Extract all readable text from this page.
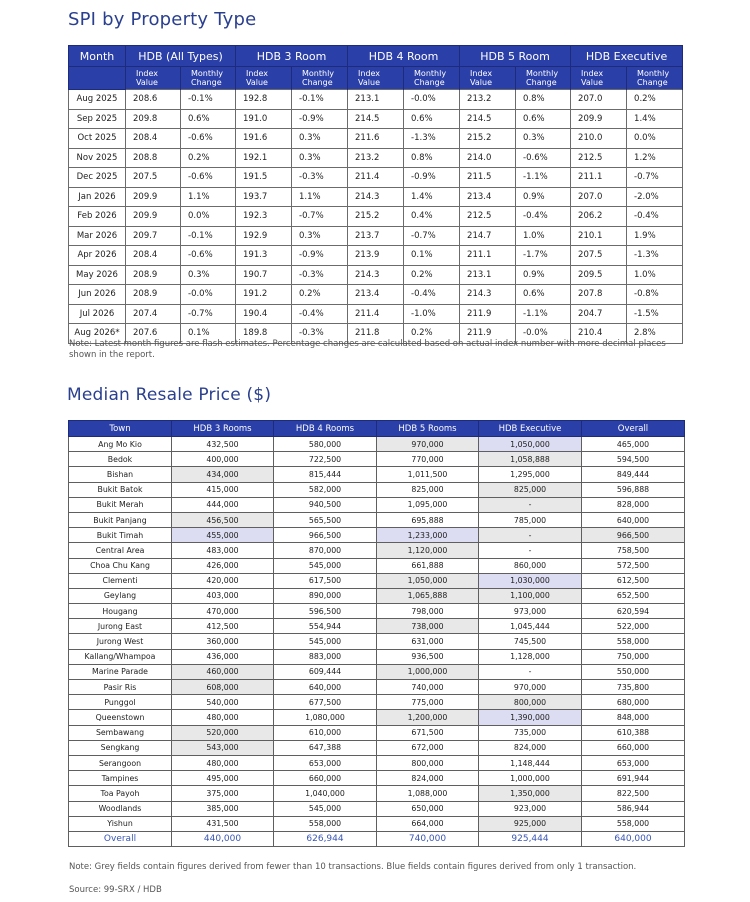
SPI by Property Type
Month	HDB (All Types)		HDB 3 Room		HDB 4 Room		HDB 5 Room		HDB Executive	
	Index Value	Monthly Change	Index Value	Monthly Change	Index Value	Monthly Change	Index Value	Monthly Change	Index Value	Monthly Change
Aug 2025	208.6	-0.1%	192.8	-0.1%	213.1	-0.0%	213.2	0.8%	207.0	0.2%
Sep 2025	209.8	0.6%	191.0	-0.9%	214.5	0.6%	214.5	0.6%	209.9	1.4%
Oct 2025	208.4	-0.6%	191.6	0.3%	211.6	-1.3%	215.2	0.3%	210.0	0.0%
Nov 2025	208.8	0.2%	192.1	0.3%	213.2	0.8%	214.0	-0.6%	212.5	1.2%
Dec 2025	207.5	-0.6%	191.5	-0.3%	211.4	-0.9%	211.5	-1.1%	211.1	-0.7%
Jan 2026	209.9	1.1%	193.7	1.1%	214.3	1.4%	213.4	0.9%	207.0	-2.0%
Feb 2026	209.9	0.0%	192.3	-0.7%	215.2	0.4%	212.5	-0.4%	206.2	-0.4%
Mar 2026	209.7	-0.1%	192.9	0.3%	213.7	-0.7%	214.7	1.0%	210.1	1.9%
Apr 2026	208.4	-0.6%	191.3	-0.9%	213.9	0.1%	211.1	-1.7%	207.5	-1.3%
May 2026	208.9	0.3%	190.7	-0.3%	214.3	0.2%	213.1	0.9%	209.5	1.0%
Jun 2026	208.9	-0.0%	191.2	0.2%	213.4	-0.4%	214.3	0.6%	207.8	-0.8%
Jul 2026	207.4	-0.7%	190.4	-0.4%	211.4	-1.0%	211.9	-1.1%	204.7	-1.5%
Aug 2026*	207.6	0.1%	189.8	-0.3%	211.8	0.2%	211.9	-0.0%	210.4	2.8%
Note: Latest month figures are flash estimates. Percentage changes are calculated based on actual index number with more decimal places shown in the report.
Median Resale Price ($)
Town	HDB 3 Rooms	HDB 4 Rooms	HDB 5 Rooms	HDB Executive	Overall
Ang Mo Kio	432,500	580,000	970,000	1,050,000	465,000
Bedok	400,000	722,500	770,000	1,058,888	594,500
Bishan	434,000	815,444	1,011,500	1,295,000	849,444
Bukit Batok	415,000	582,000	825,000	825,000	596,888
Bukit Merah	444,000	940,500	1,095,000	-	828,000
Bukit Panjang	456,500	565,500	695,888	785,000	640,000
Bukit Timah	455,000	966,500	1,233,000	-	966,500
Central Area	483,000	870,000	1,120,000	-	758,500
Choa Chu Kang	426,000	545,000	661,888	860,000	572,500
Clementi	420,000	617,500	1,050,000	1,030,000	612,500
Geylang	403,000	890,000	1,065,888	1,100,000	652,500
Hougang	470,000	596,500	798,000	973,000	620,594
Jurong East	412,500	554,944	738,000	1,045,444	522,000
Jurong West	360,000	545,000	631,000	745,500	558,000
Kallang/Whampoa	436,000	883,000	936,500	1,128,000	750,000
Marine Parade	460,000	609,444	1,000,000	-	550,000
Pasir Ris	608,000	640,000	740,000	970,000	735,800
Punggol	540,000	677,500	775,000	800,000	680,000
Queenstown	480,000	1,080,000	1,200,000	1,390,000	848,000
Sembawang	520,000	610,000	671,500	735,000	610,388
Sengkang	543,000	647,388	672,000	824,000	660,000
Serangoon	480,000	653,000	800,000	1,148,444	653,000
Tampines	495,000	660,000	824,000	1,000,000	691,944
Toa Payoh	375,000	1,040,000	1,088,000	1,350,000	822,500
Woodlands	385,000	545,000	650,000	923,000	586,944
Yishun	431,500	558,000	664,000	925,000	558,000
Overall	440,000	626,944	740,000	925,444	640,000
Note: Grey fields contain figures derived from fewer than 10 transactions. Blue fields contain figures derived from only 1 transaction.
Source: 99-SRX / HDB
